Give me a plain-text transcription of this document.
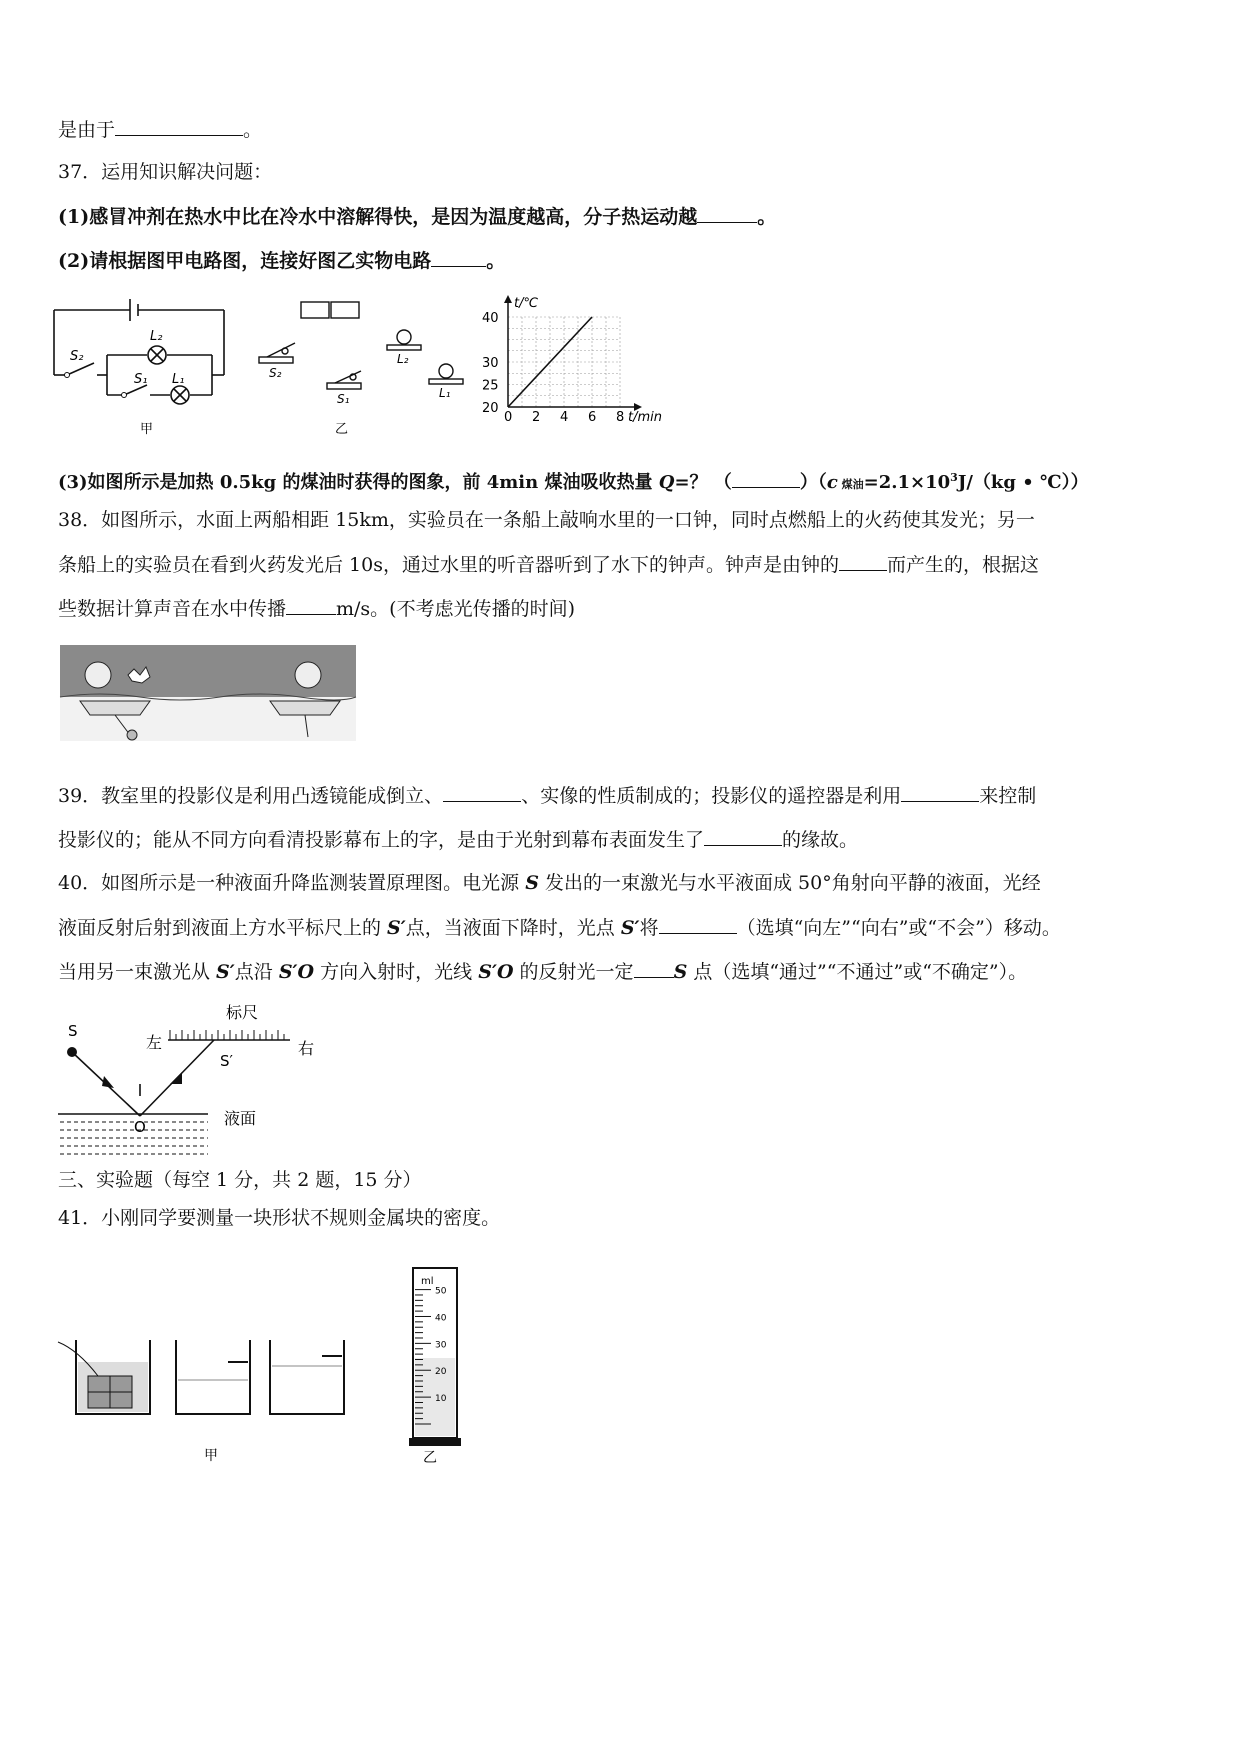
是由于	。
37．运用知识解决问题：
(1)感冒冲剂在热水中比在冷水中溶解得快，是因为温度越高，分子热运动越	。
(2)请根据图甲电路图，连接好图乙实物电路	。
L₂
L₁
S₁
S₂
甲
S₂
S₁
L₂
L₁
乙
t/℃
t/min
40
30
25
20
0 2 4 6 8
(3)如图所示是加热 0.5kg 的煤油时获得的图象，前 4min 煤油吸收热量 Q=？ （	）（c 煤油$=2.1\times 10^3J/(kg$ • ℃））
38．如图所示，水面上两船相距 15km，实验员在一条船上敲响水里的一口钟，同时点燃船上的火药使其发光；另一
条船上的实验员在看到火药发光后 10s，通过水里的听音器听到了水下的钟声。钟声是由钟的	而产生的，根据这
些数据计算声音在水中传播	m/s。(不考虑光传播的时间)
39．教室里的投影仪是利用凸透镜能成倒立、	、实像的性质制成的；投影仪的遥控器是利用	来控制
投影仪的；能从不同方向看清投影幕布上的字，是由于光射到幕布表面发生了	的缘故。
40．如图所示是一种液面升降监测装置原理图。电光源 S 发出的一束激光与水平液面成 50°角射向平静的液面，光经
液面反射后射到液面上方水平标尺上的 S′点，当液面下降时，光点 S′将	（选填“向左”“向右”或“不会”）移动。
当用另一束激光从 S′点沿 S′O 方向入射时，光线 S′O 的反射光一定 S 点（选填“通过”“不通过”或“不确定”）。
标尺
左	右
S
S′
O	液面
三、实验题（每空 1 分，共 2 题，15 分）
41．小刚同学要测量一块形状不规则金属块的密度。
甲
ml
50
40
30
20
10
乙
